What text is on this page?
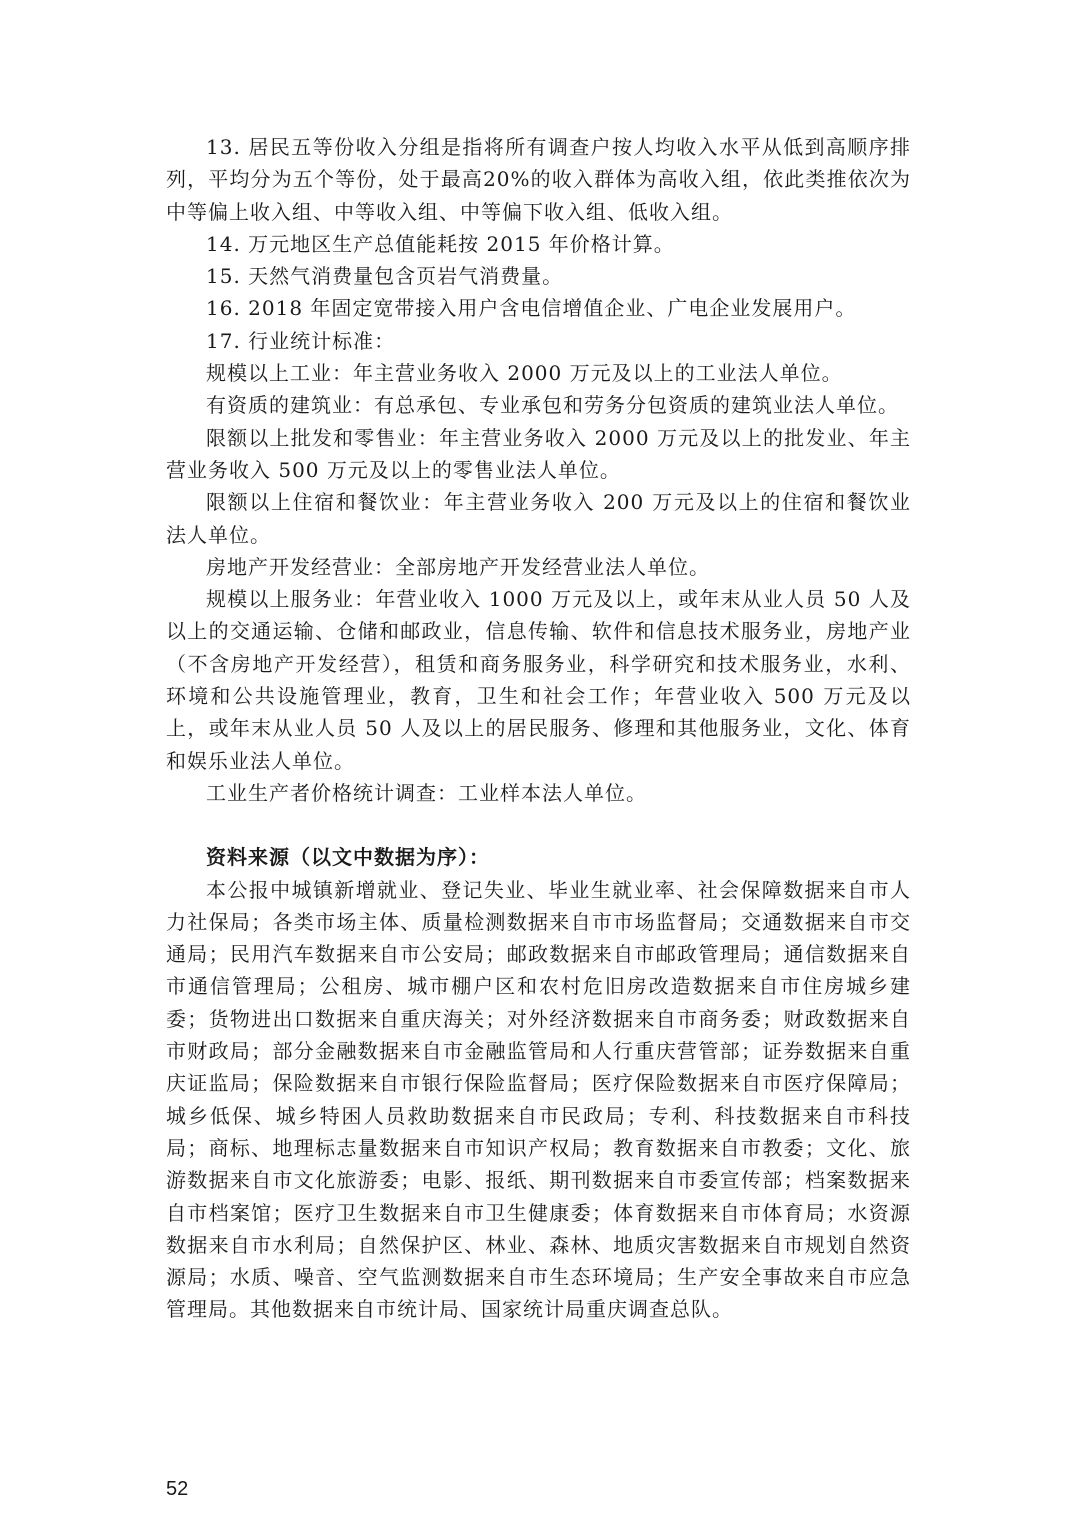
13. 居民五等份收入分组是指将所有调查户按人均收入水平从低到高顺序排列，平均分为五个等份，处于最高20%的收入群体为高收入组，依此类推依次为中等偏上收入组、中等收入组、中等偏下收入组、低收入组。

14. 万元地区生产总值能耗按 2015 年价格计算。

15. 天然气消费量包含页岩气消费量。

16. 2018 年固定宽带接入用户含电信增值企业、广电企业发展用户。

17. 行业统计标准：

规模以上工业：年主营业务收入 2000 万元及以上的工业法人单位。

有资质的建筑业：有总承包、专业承包和劳务分包资质的建筑业法人单位。

限额以上批发和零售业：年主营业务收入 2000 万元及以上的批发业、年主营业务收入 500 万元及以上的零售业法人单位。

限额以上住宿和餐饮业：年主营业务收入 200 万元及以上的住宿和餐饮业法人单位。

房地产开发经营业：全部房地产开发经营业法人单位。

规模以上服务业：年营业收入 1000 万元及以上，或年末从业人员 50 人及以上的交通运输、仓储和邮政业，信息传输、软件和信息技术服务业，房地产业（不含房地产开发经营），租赁和商务服务业，科学研究和技术服务业，水利、环境和公共设施管理业，教育，卫生和社会工作；年营业收入 500 万元及以上，或年末从业人员 50 人及以上的居民服务、修理和其他服务业，文化、体育和娱乐业法人单位。

工业生产者价格统计调查：工业样本法人单位。

资料来源（以文中数据为序）：

本公报中城镇新增就业、登记失业、毕业生就业率、社会保障数据来自市人力社保局；各类市场主体、质量检测数据来自市市场监督局；交通数据来自市交通局；民用汽车数据来自市公安局；邮政数据来自市邮政管理局；通信数据来自市通信管理局；公租房、城市棚户区和农村危旧房改造数据来自市住房城乡建委；货物进出口数据来自重庆海关；对外经济数据来自市商务委；财政数据来自市财政局；部分金融数据来自市金融监管局和人行重庆营管部；证券数据来自重庆证监局；保险数据来自市银行保险监督局；医疗保险数据来自市医疗保障局；城乡低保、城乡特困人员救助数据来自市民政局；专利、科技数据来自市科技局；商标、地理标志量数据来自市知识产权局；教育数据来自市教委；文化、旅游数据来自市文化旅游委；电影、报纸、期刊数据来自市委宣传部；档案数据来自市档案馆；医疗卫生数据来自市卫生健康委；体育数据来自市体育局；水资源数据来自市水利局；自然保护区、林业、森林、地质灾害数据来自市规划自然资源局；水质、噪音、空气监测数据来自市生态环境局；生产安全事故来自市应急管理局。其他数据来自市统计局、国家统计局重庆调查总队。

52
